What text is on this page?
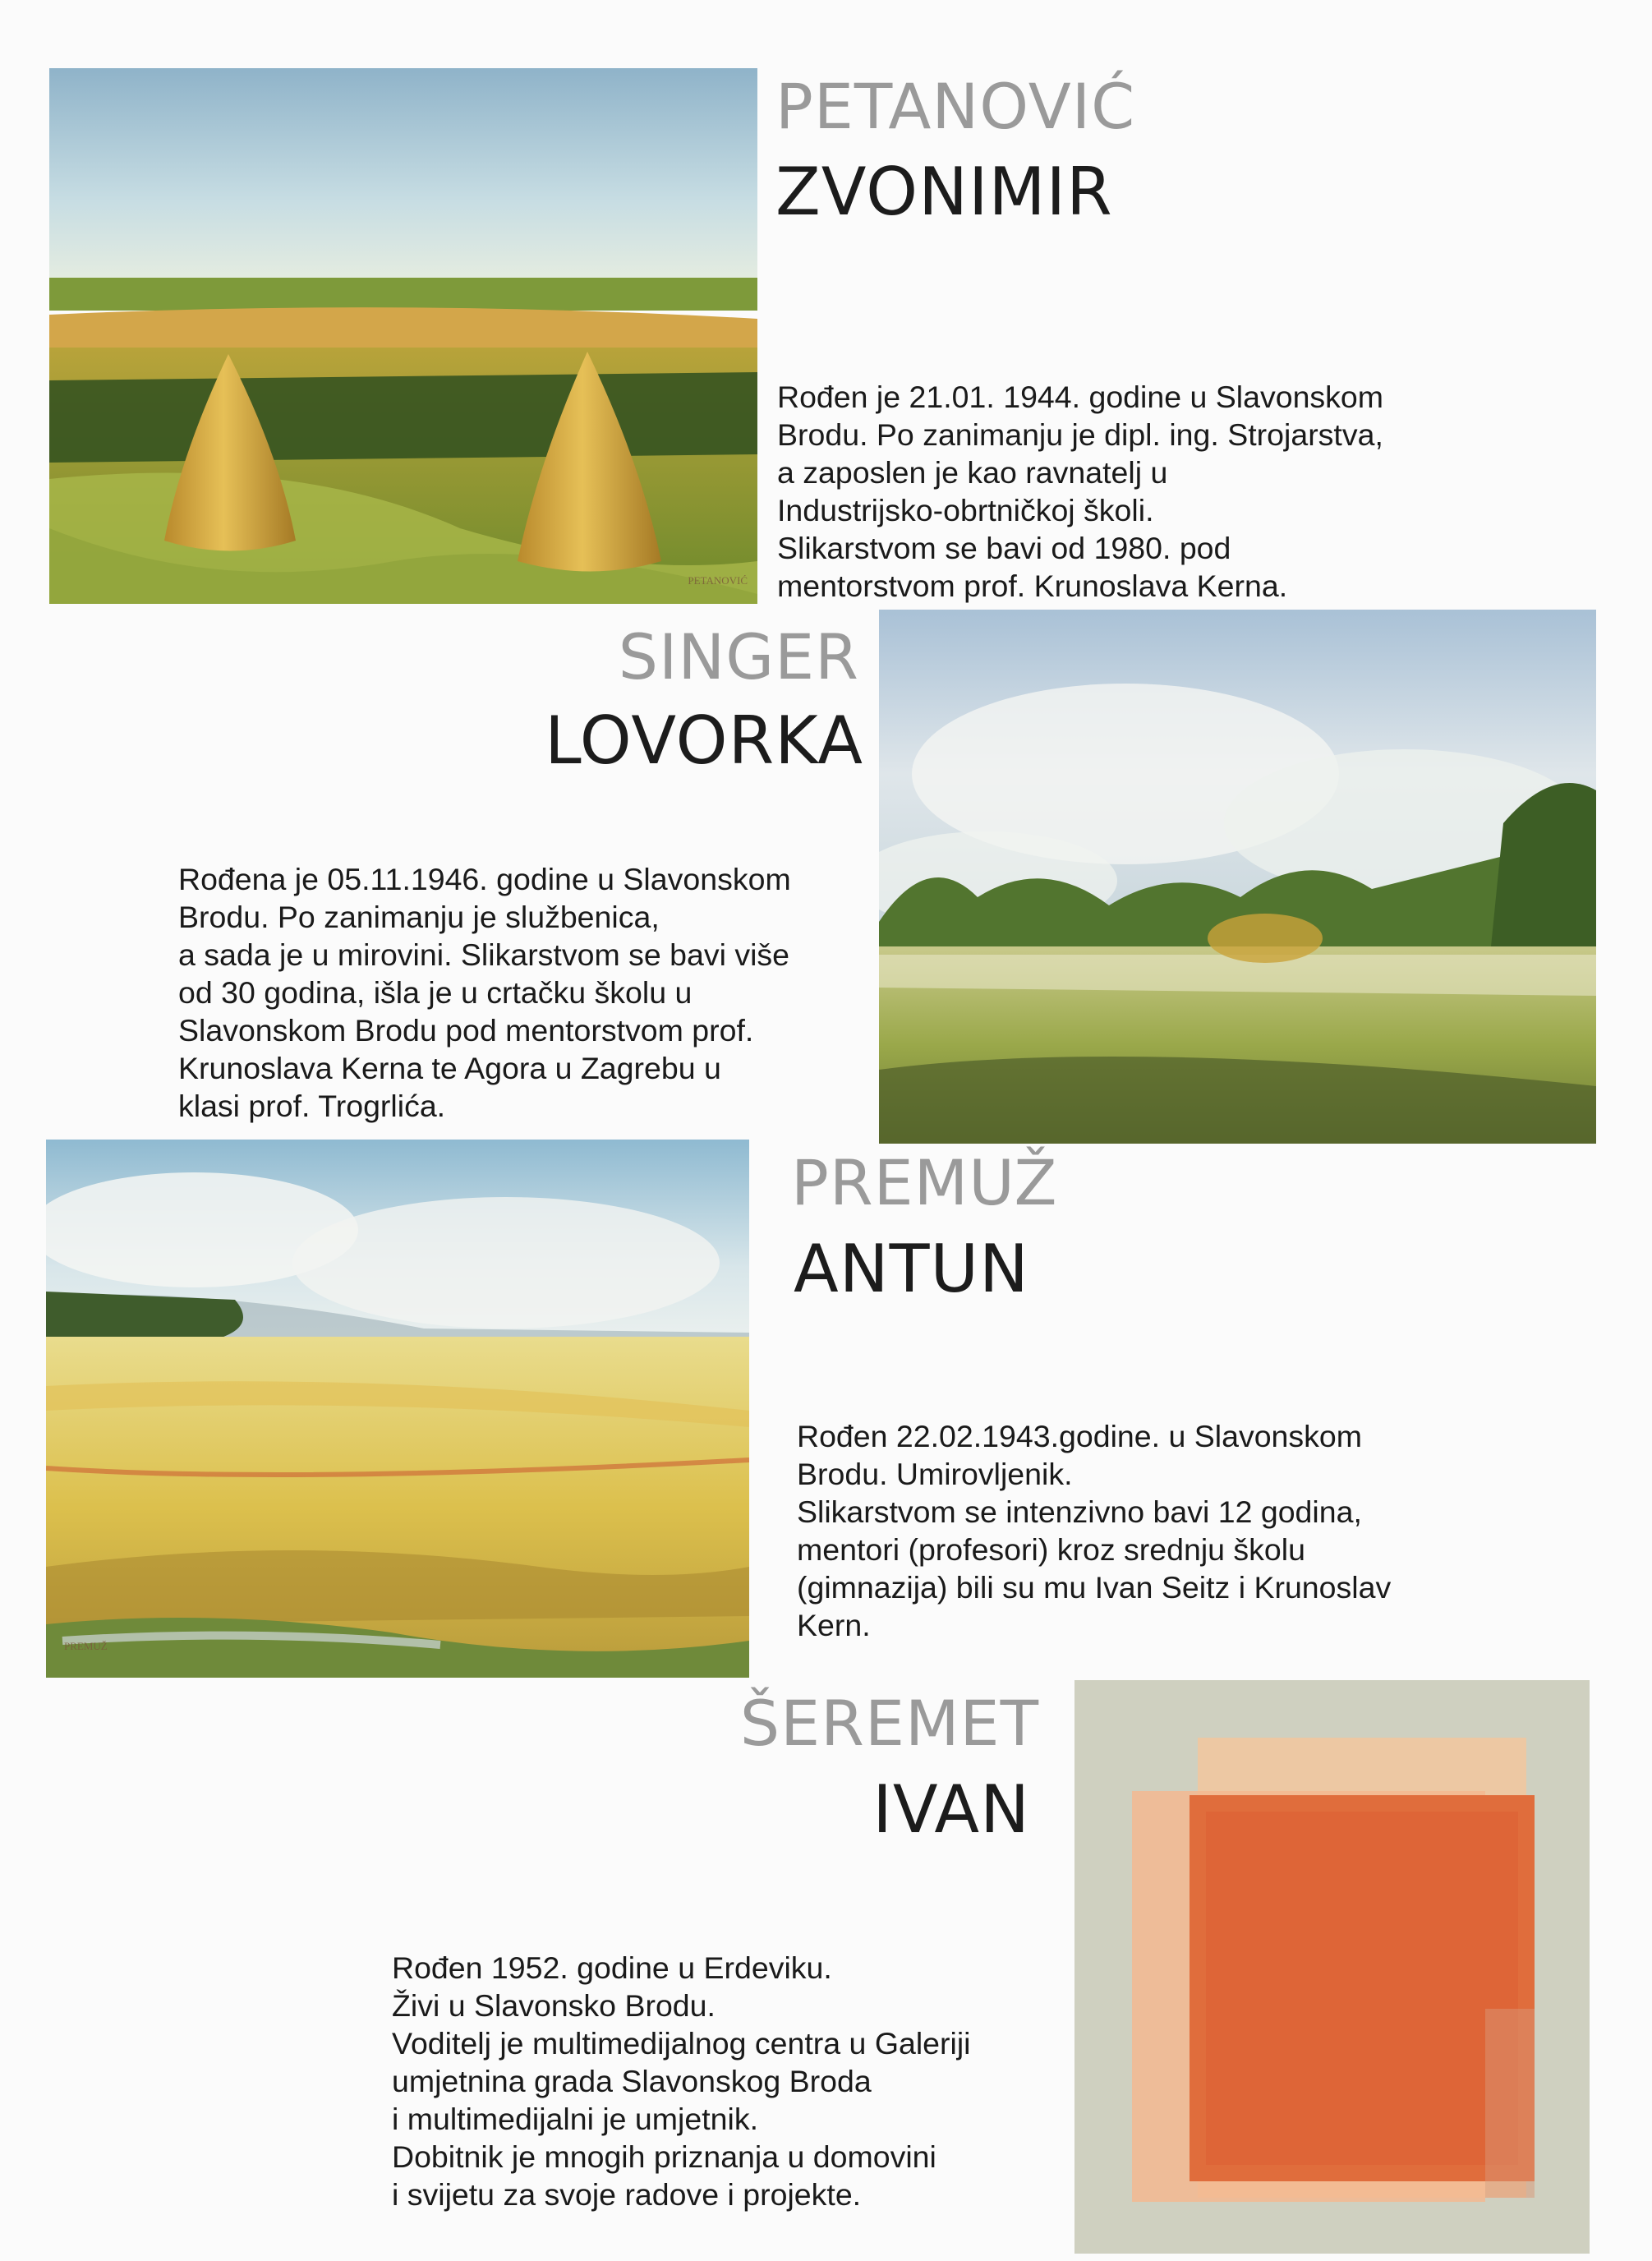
PETANOVIĆ
PETANOVIĆ
ZVONIMIR

Rođen je 21.01. 1944. godine u Slavonskom

Brodu. Po zanimanju je dipl. ing. Strojarstva,

a zaposlen je kao ravnatelj u

Industrijsko-obrtničkoj školi.

Slikarstvom se bavi od 1980. pod

mentorstvom prof. Krunoslava Kerna.

SINGER
LOVORKA

Rođena je 05.11.1946. godine u Slavonskom

Brodu. Po zanimanju je službenica,

a sada je u mirovini. Slikarstvom se bavi više

od 30 godina, išla je u crtačku školu u

Slavonskom Brodu pod mentorstvom prof.

Krunoslava Kerna te Agora u Zagrebu u

klasi prof. Trogrlića.

PREMUŽ
PREMUŽ
ANTUN

Rođen 22.02.1943.godine. u Slavonskom

Brodu. Umirovljenik.

Slikarstvom se intenzivno bavi 12 godina,

mentori (profesori) kroz srednju školu

(gimnazija) bili su mu Ivan Seitz i Krunoslav

Kern.

ŠEREMET
IVAN

Rođen 1952. godine u Erdeviku.

Živi u Slavonsko Brodu.

Voditelj je multimedijalnog centra u Galeriji

umjetnina grada Slavonskog Broda

i multimedijalni je umjetnik.

Dobitnik je mnogih priznanja u domovini

i svijetu za svoje radove i projekte.
